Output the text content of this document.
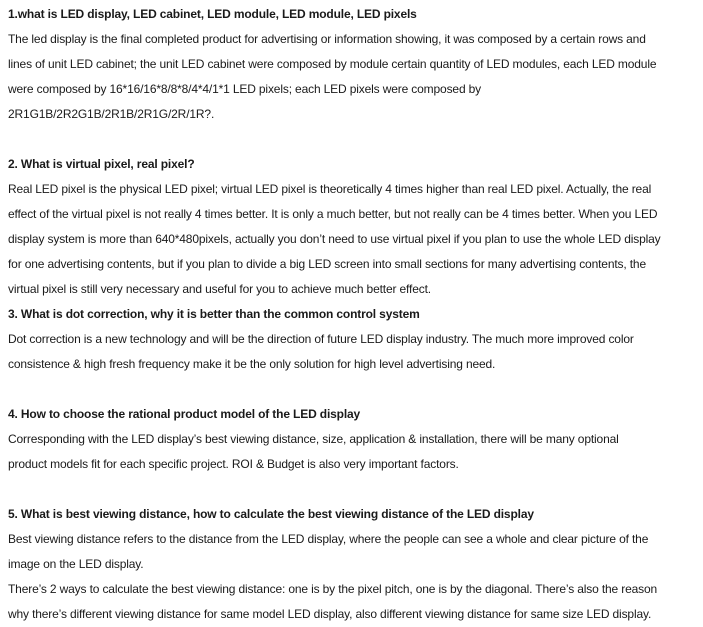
1.what is LED display, LED cabinet, LED module, LED module, LED pixels
The led display is the final completed product for advertising or information showing, it was composed by a certain rows and
lines of unit LED cabinet; the unit LED cabinet were composed by module certain quantity of LED modules, each LED module
were composed by 16*16/16*8/8*8/4*4/1*1 LED pixels; each LED pixels were composed by
2R1G1B/2R2G1B/2R1B/2R1G/2R/1R?.
2. What is virtual pixel, real pixel?
Real LED pixel is the physical LED pixel; virtual LED pixel is theoretically 4 times higher than real LED pixel. Actually, the real
effect of the virtual pixel is not really 4 times better. It is only a much better, but not really can be 4 times better. When you LED
display system is more than 640*480pixels, actually you don’t need to use virtual pixel if you plan to use the whole LED display
for one advertising contents, but if you plan to divide a big LED screen into small sections for many advertising contents, the
virtual pixel is still very necessary and useful for you to achieve much better effect.
3. What is dot correction, why it is better than the common control system
Dot correction is a new technology and will be the direction of future LED display industry. The much more improved color
consistence & high fresh frequency make it be the only solution for high level advertising need.
4. How to choose the rational product model of the LED display
Corresponding with the LED display’s best viewing distance, size, application & installation, there will be many optional
product models fit for each specific project. ROI & Budget is also very important factors.
5. What is best viewing distance, how to calculate the best viewing distance of the LED display
Best viewing distance refers to the distance from the LED display, where the people can see a whole and clear picture of the
image on the LED display.
There’s 2 ways to calculate the best viewing distance: one is by the pixel pitch, one is by the diagonal. There’s also the reason
why there’s different viewing distance for same model LED display, also different viewing distance for same size LED display.
